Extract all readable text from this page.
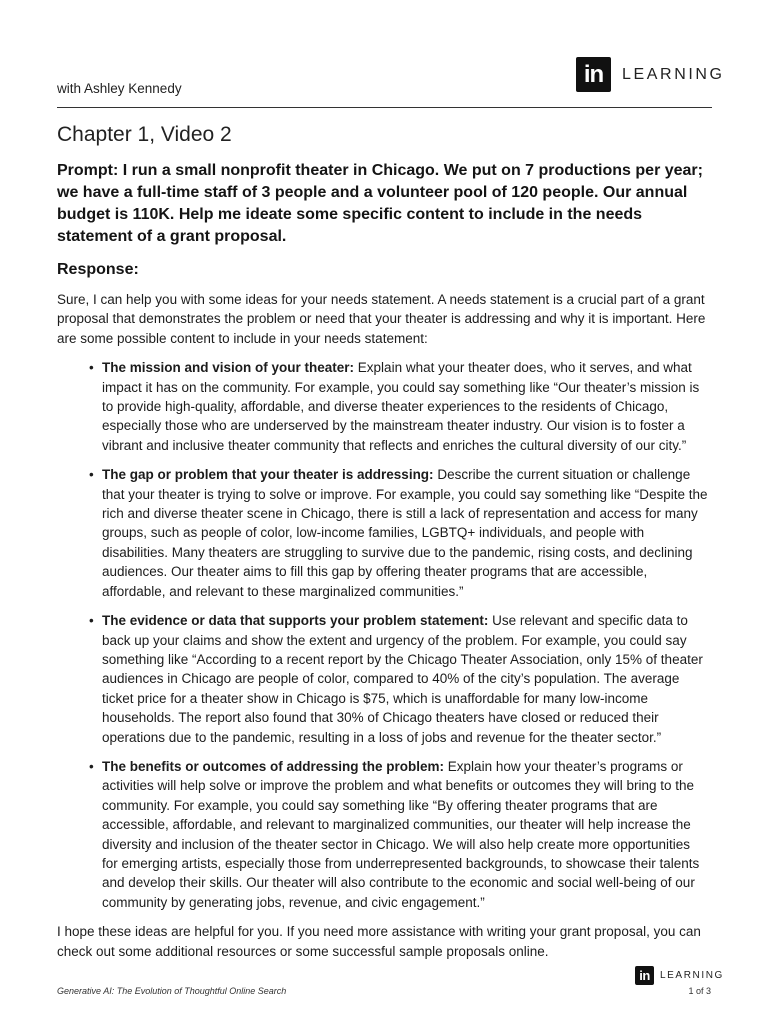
with Ashley Kennedy
in	LEARNING
Chapter 1, Video 2

Prompt: I run a small nonprofit theater in Chicago. We put on 7 productions per year; we have a full-time staff of 3 people and a volunteer pool of 120 people. Our annual budget is 110K. Help me ideate some specific content to include in the needs statement of a grant proposal.

Response:

Sure, I can help you with some ideas for your needs statement. A needs statement is a crucial part of a grant proposal that demonstrates the problem or need that your theater is addressing and why it is important. Here are some possible content to include in your needs statement:

• The mission and vision of your theater: Explain what your theater does, who it serves, and what impact it has on the community. For example, you could say something like “Our theater’s mission is to provide high-quality, affordable, and diverse theater experiences to the residents of Chicago, especially those who are underserved by the mainstream theater industry. Our vision is to foster a vibrant and inclusive theater community that reflects and enriches the cultural diversity of our city.”
• The gap or problem that your theater is addressing: Describe the current situation or challenge that your theater is trying to solve or improve. For example, you could say something like “Despite the rich and diverse theater scene in Chicago, there is still a lack of representation and access for many groups, such as people of color, low-income families, LGBTQ+ individuals, and people with disabilities. Many theaters are struggling to survive due to the pandemic, rising costs, and declining audiences. Our theater aims to fill this gap by offering theater programs that are accessible, affordable, and relevant to these marginalized communities.”
• The evidence or data that supports your problem statement: Use relevant and specific data to back up your claims and show the extent and urgency of the problem. For example, you could say something like “According to a recent report by the Chicago Theater Association, only 15% of theater audiences in Chicago are people of color, compared to 40% of the city’s population. The average ticket price for a theater show in Chicago is $75, which is unaffordable for many low-income households. The report also found that 30% of Chicago theaters have closed or reduced their operations due to the pandemic, resulting in a loss of jobs and revenue for the theater sector.”
• The benefits or outcomes of addressing the problem: Explain how your theater’s programs or activities will help solve or improve the problem and what benefits or outcomes they will bring to the community. For example, you could say something like “By offering theater programs that are accessible, affordable, and relevant to marginalized communities, our theater will help increase the diversity and inclusion of the theater sector in Chicago. We will also help create more opportunities for emerging artists, especially those from underrepresented backgrounds, to showcase their talents and develop their skills. Our theater will also contribute to the economic and social well-being of our community by generating jobs, revenue, and civic engagement.”

I hope these ideas are helpful for you. If you need more assistance with writing your grant proposal, you can check out some additional resources or some successful sample proposals online.

in	LEARNING
Generative AI: The Evolution of Thoughtful Online Search	1 of 3
